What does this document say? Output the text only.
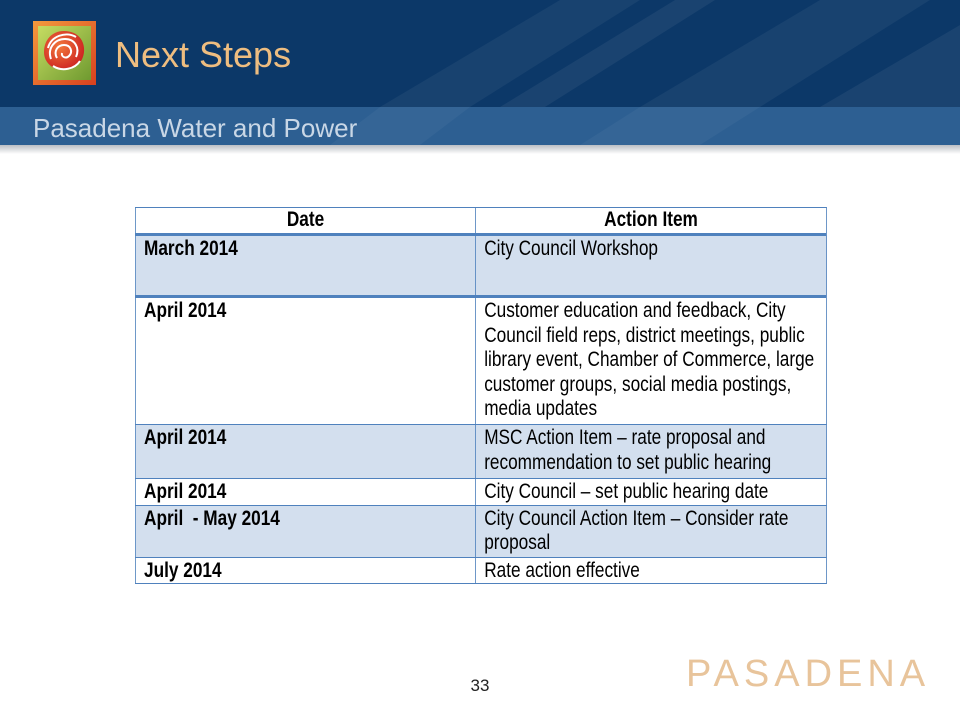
Next Steps
Pasadena Water and Power
Date	Action Item
March 2014	City Council Workshop
April 2014	Customer education and feedback, City Council field reps, district meetings, public library event, Chamber of Commerce, large customer groups, social media postings, media updates
April 2014	MSC Action Item – rate proposal and recommendation to set public hearing
April 2014	City Council – set public hearing date
April  - May 2014	City Council Action Item – Consider rate proposal
July 2014	Rate action effective
33	PASADENA
